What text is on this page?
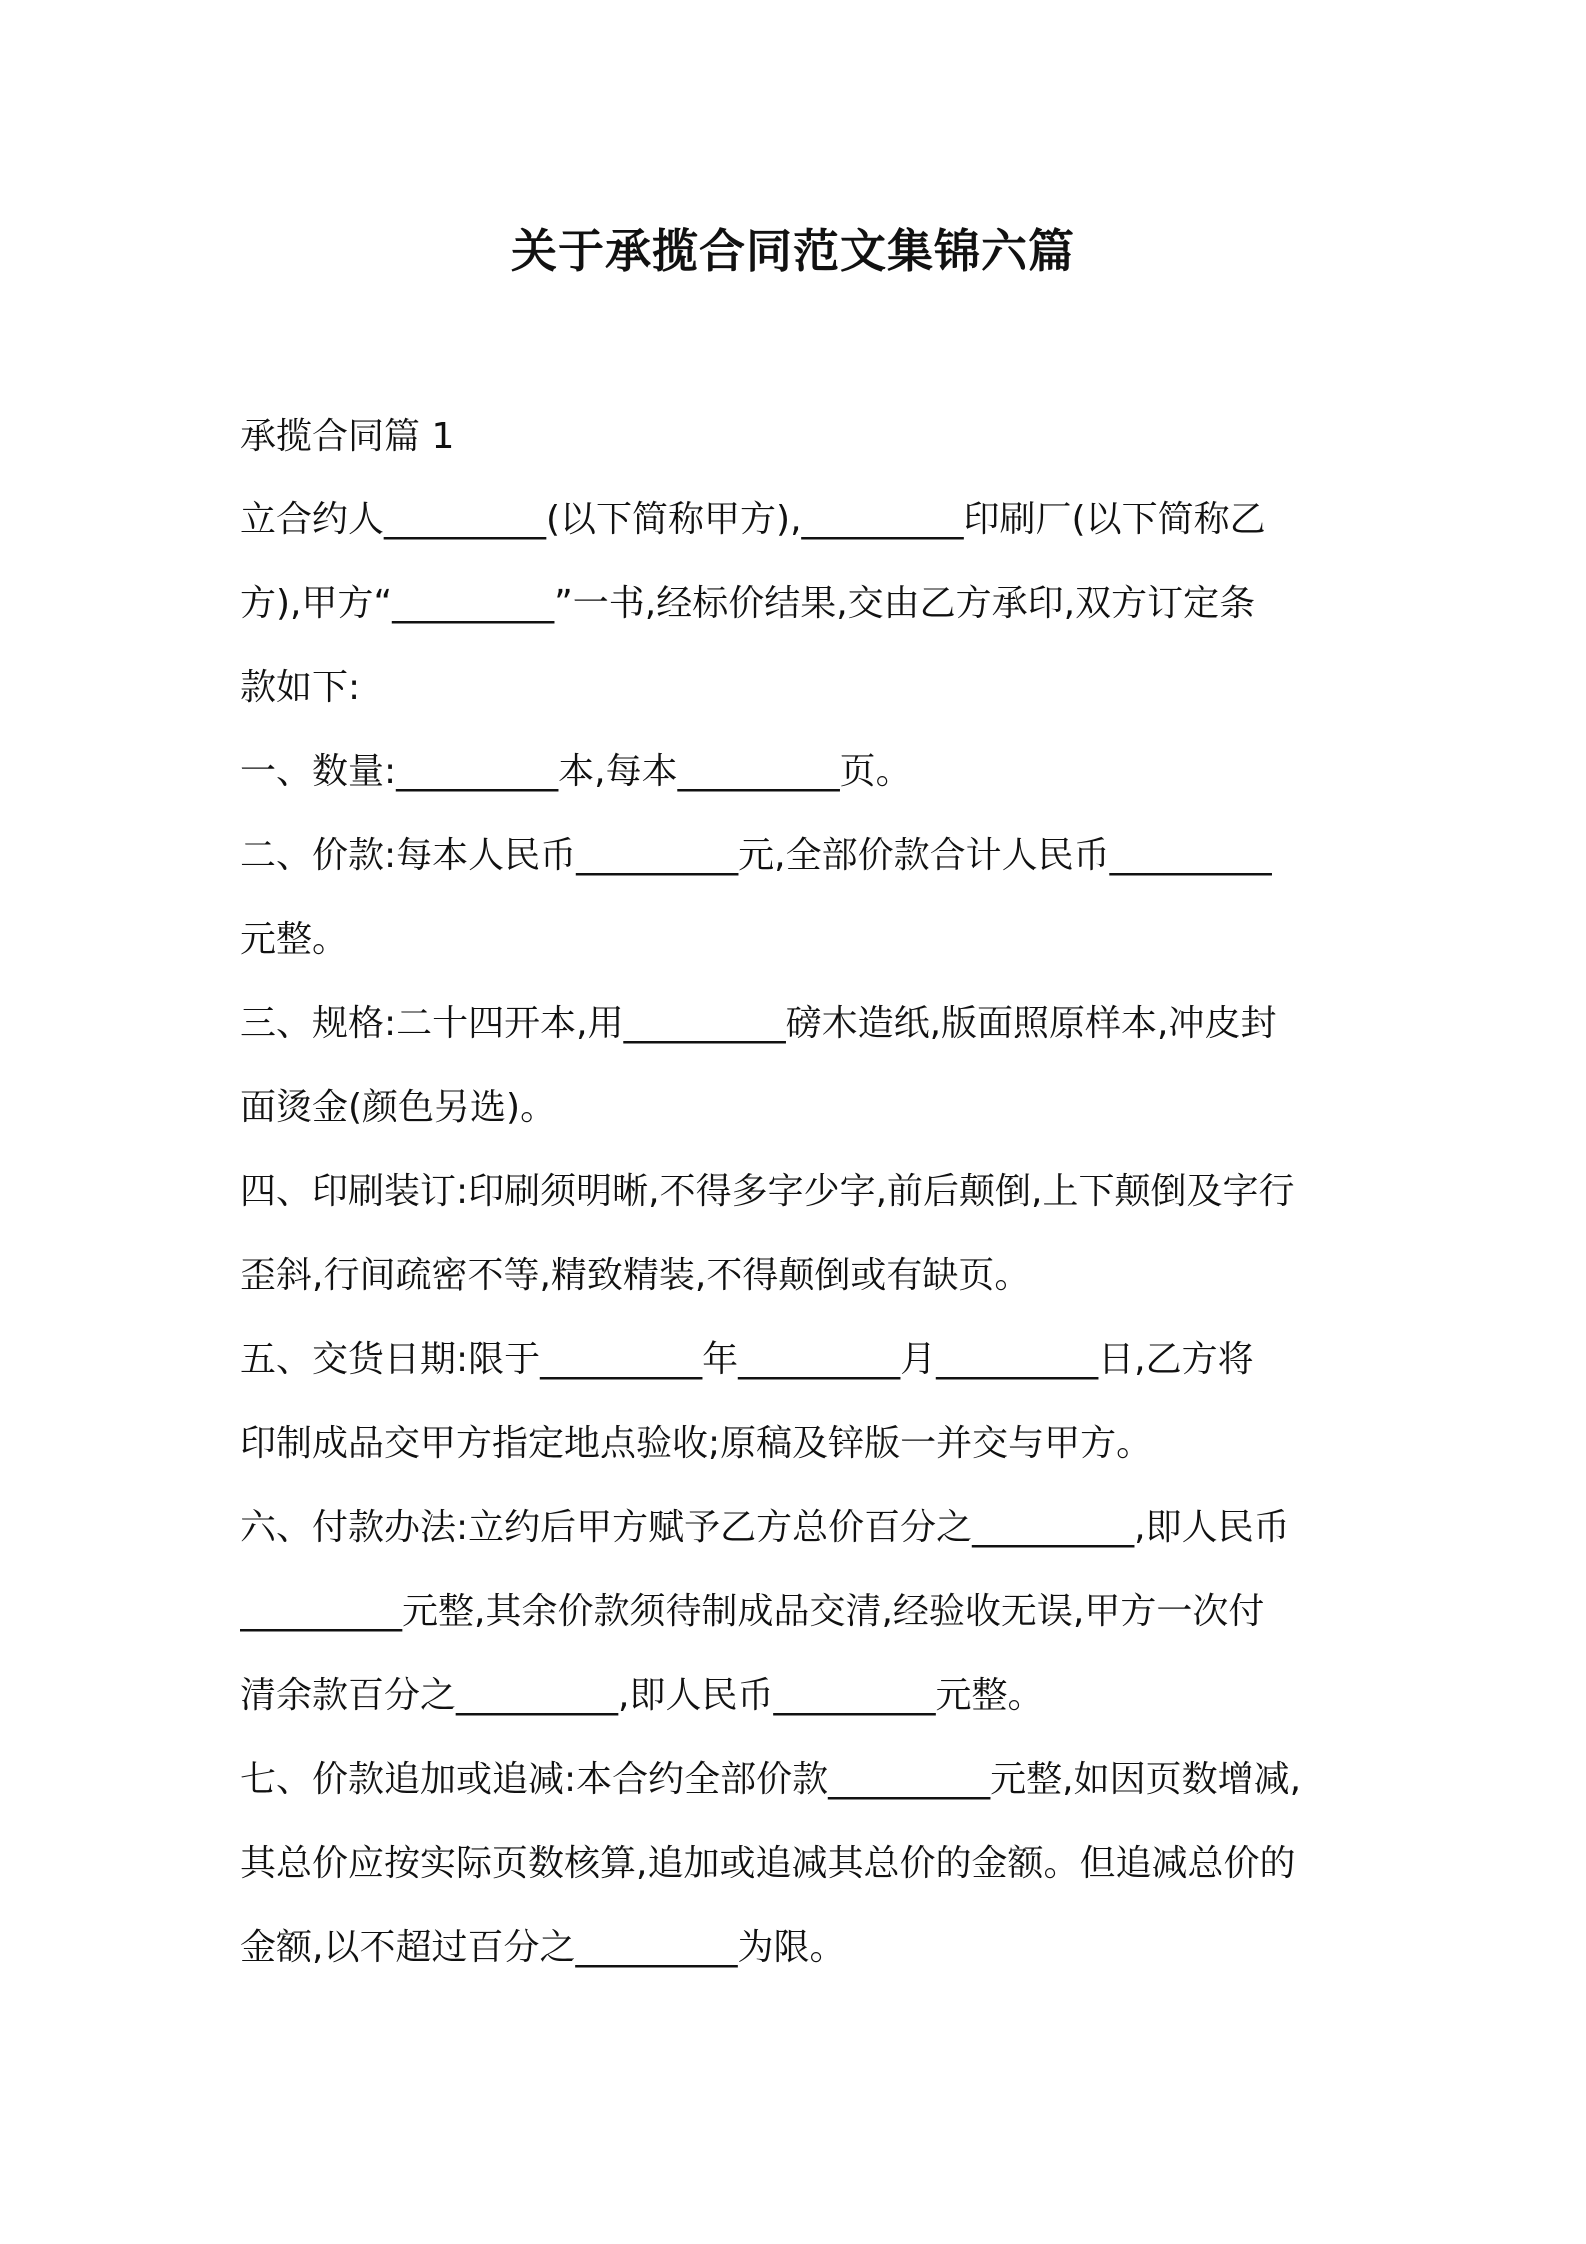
关于承揽合同范文集锦六篇
承揽合同篇 1
立合约人_________(以下简称甲方),_________印刷厂(以下简称乙
方),甲方“_________”一书,经标价结果,交由乙方承印,双方订定条
款如下:
一、数量:_________本,每本_________页。
二、价款:每本人民币_________元,全部价款合计人民币_________
元整。
三、规格:二十四开本,用_________磅木造纸,版面照原样本,冲皮封
面烫金(颜色另选)。
四、印刷装订:印刷须明晰,不得多字少字,前后颠倒,上下颠倒及字行
歪斜,行间疏密不等,精致精装,不得颠倒或有缺页。
五、交货日期:限于_________年_________月_________日,乙方将
印制成品交甲方指定地点验收;原稿及锌版一并交与甲方。
六、付款办法:立约后甲方赋予乙方总价百分之_________,即人民币
_________元整,其余价款须待制成品交清,经验收无误,甲方一次付
清余款百分之_________,即人民币_________元整。
七、价款追加或追减:本合约全部价款_________元整,如因页数增减,
其总价应按实际页数核算,追加或追减其总价的金额。但追减总价的
金额,以不超过百分之_________为限。
